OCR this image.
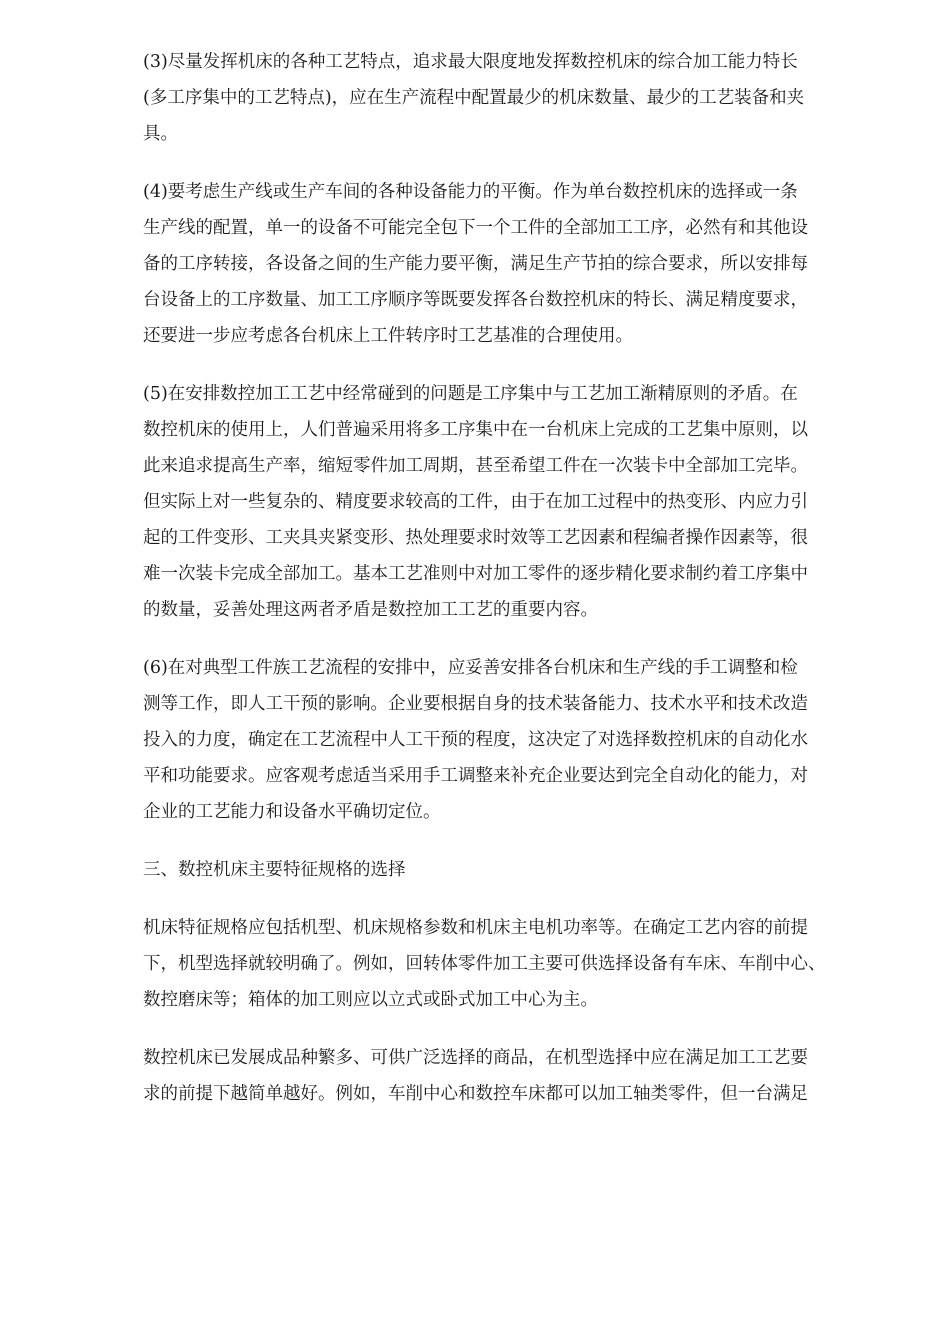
(3)尽量发挥机床的各种工艺特点，追求最大限度地发挥数控机床的综合加工能力特长
(多工序集中的工艺特点)，应在生产流程中配置最少的机床数量、最少的工艺装备和夹
具。
(4)要考虑生产线或生产车间的各种设备能力的平衡。作为单台数控机床的选择或一条
生产线的配置，单一的设备不可能完全包下一个工件的全部加工工序，必然有和其他设
备的工序转接，各设备之间的生产能力要平衡，满足生产节拍的综合要求，所以安排每
台设备上的工序数量、加工工序顺序等既要发挥各台数控机床的特长、满足精度要求，
还要进一步应考虑各台机床上工件转序时工艺基准的合理使用。
(5)在安排数控加工工艺中经常碰到的问题是工序集中与工艺加工渐精原则的矛盾。在
数控机床的使用上，人们普遍采用将多工序集中在一台机床上完成的工艺集中原则，以
此来追求提高生产率，缩短零件加工周期，甚至希望工件在一次装卡中全部加工完毕。
但实际上对一些复杂的、精度要求较高的工件，由于在加工过程中的热变形、内应力引
起的工件变形、工夹具夹紧变形、热处理要求时效等工艺因素和程编者操作因素等，很
难一次装卡完成全部加工。基本工艺准则中对加工零件的逐步精化要求制约着工序集中
的数量，妥善处理这两者矛盾是数控加工工艺的重要内容。
(6)在对典型工件族工艺流程的安排中，应妥善安排各台机床和生产线的手工调整和检
测等工作，即人工干预的影响。企业要根据自身的技术装备能力、技术水平和技术改造
投入的力度，确定在工艺流程中人工干预的程度，这决定了对选择数控机床的自动化水
平和功能要求。应客观考虑适当采用手工调整来补充企业要达到完全自动化的能力，对
企业的工艺能力和设备水平确切定位。
三、数控机床主要特征规格的选择
机床特征规格应包括机型、机床规格参数和机床主电机功率等。在确定工艺内容的前提
下，机型选择就较明确了。例如，回转体零件加工主要可供选择设备有车床、车削中心、
数控磨床等；箱体的加工则应以立式或卧式加工中心为主。
数控机床已发展成品种繁多、可供广泛选择的商品，在机型选择中应在满足加工工艺要
求的前提下越简单越好。例如，车削中心和数控车床都可以加工轴类零件，但一台满足
